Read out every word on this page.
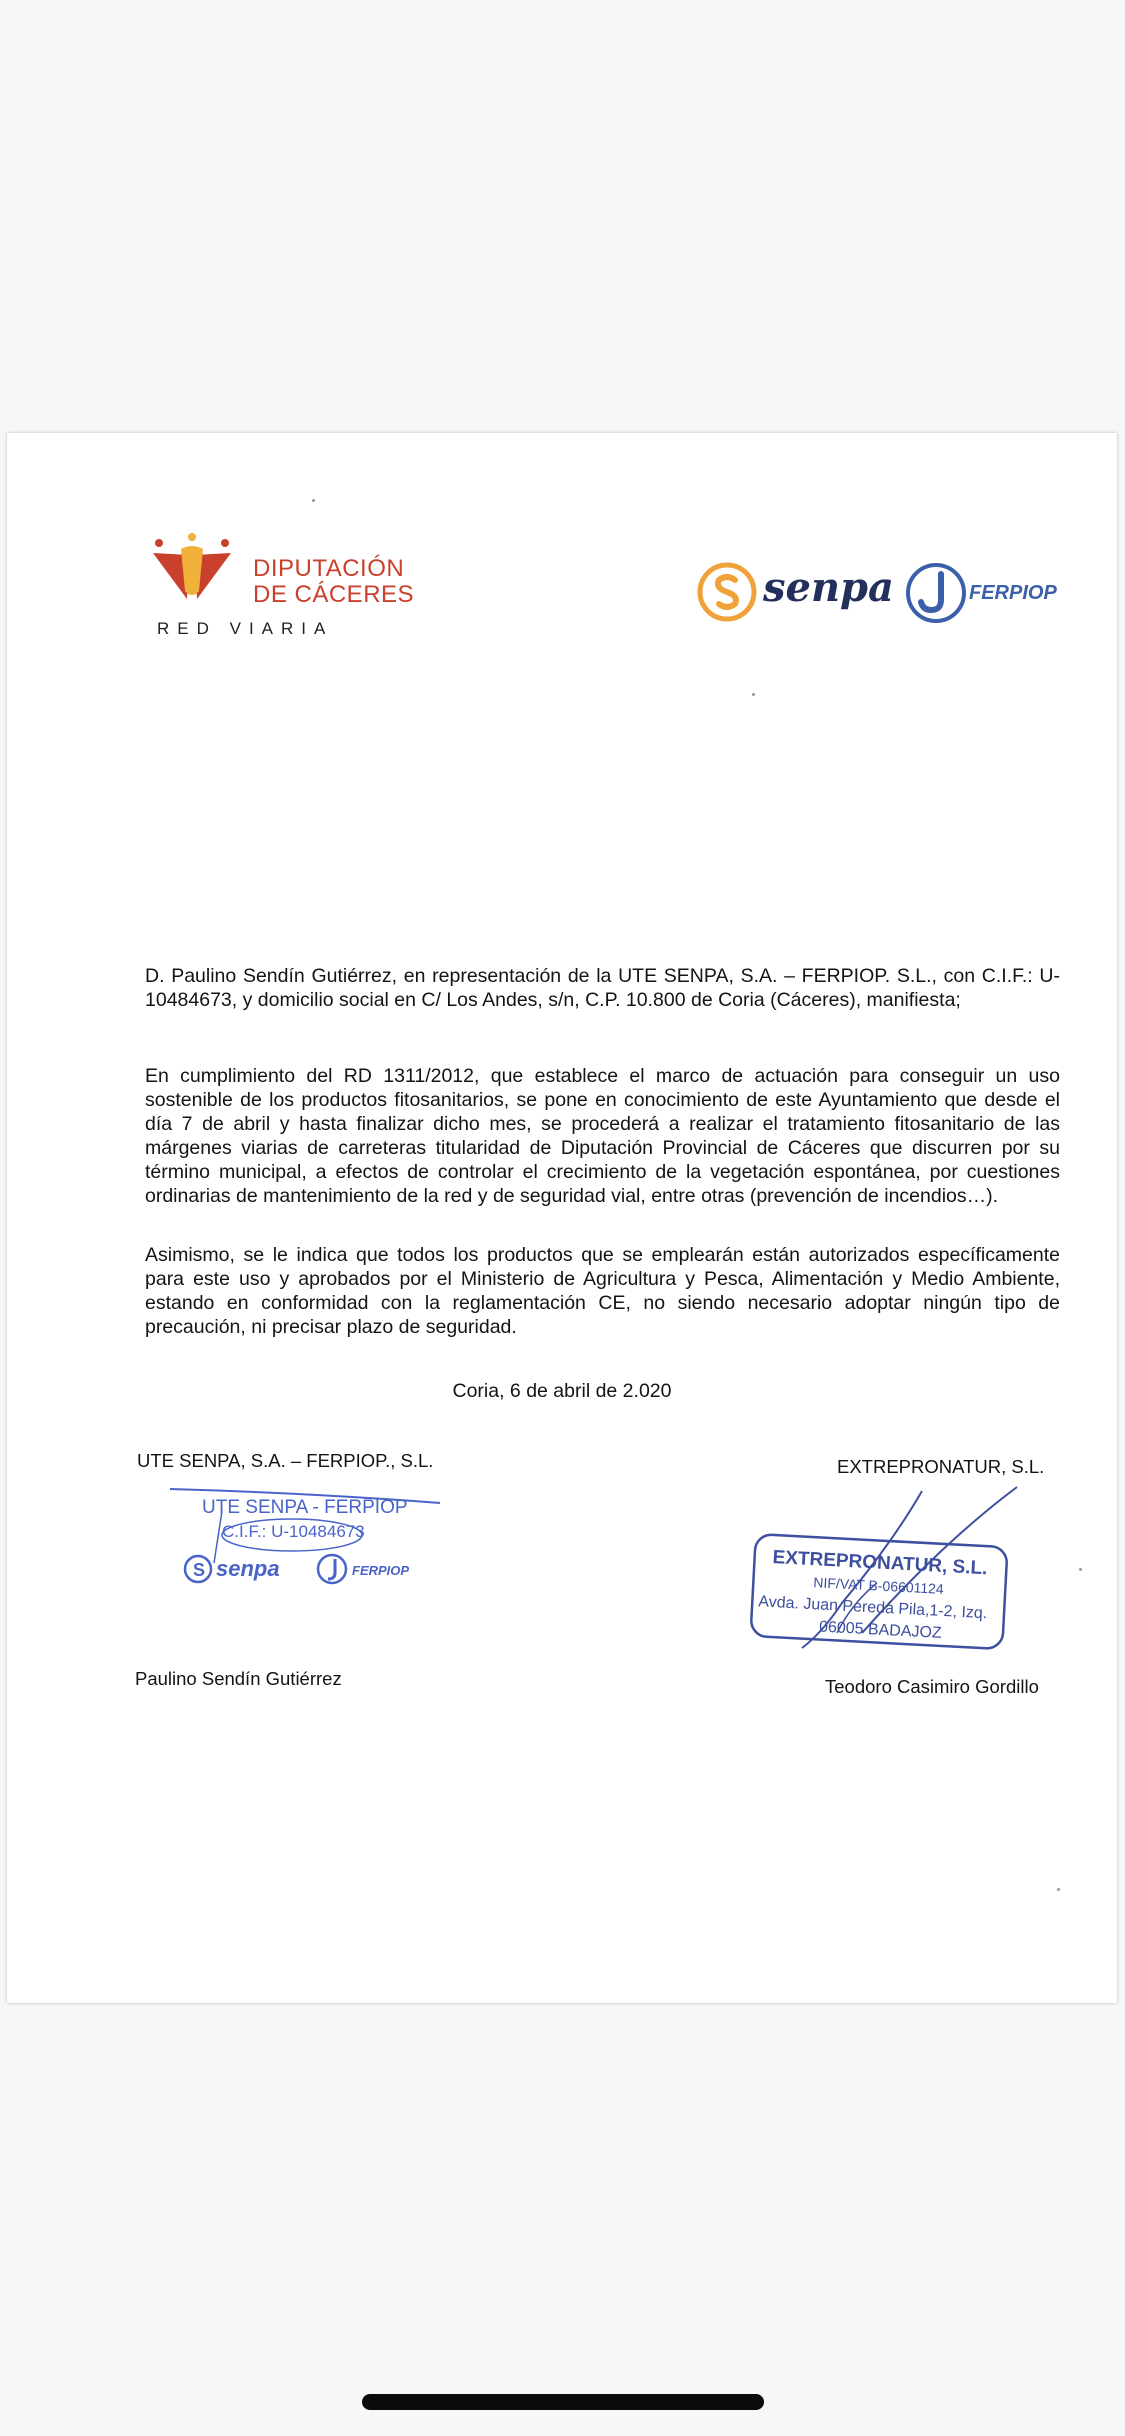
DIPUTACIÓN
DE CÁCERES
RED VIARIA
senpa	FERPIOP

D. Paulino Sendín Gutiérrez, en representación de la UTE SENPA, S.A. – FERPIOP. S.L., con C.I.F.: U-10484673, y domicilio social en C/ Los Andes, s/n, C.P. 10.800 de Coria (Cáceres), manifiesta;

En cumplimiento del RD 1311/2012, que establece el marco de actuación para conseguir un uso sostenible de los productos fitosanitarios, se pone en conocimiento de este Ayuntamiento que desde el día 7 de abril y hasta finalizar dicho mes, se procederá a realizar el tratamiento fitosanitario de las márgenes viarias de carreteras titularidad de Diputación Provincial de Cáceres que discurren por su término municipal, a efectos de controlar el crecimiento de la vegetación espontánea, por cuestiones ordinarias de mantenimiento de la red y de seguridad vial, entre otras (prevención de incendios…).

Asimismo, se le indica que todos los productos que se emplearán están autorizados específicamente para este uso y aprobados por el Ministerio de Agricultura y Pesca, Alimentación y Medio Ambiente, estando en conformidad con la reglamentación CE, no siendo necesario adoptar ningún tipo de precaución, ni precisar plazo de seguridad.

Coria, 6 de abril de 2.020
UTE SENPA, S.A. – FERPIOP., S.L.
UTE SENPA - FERPIOP
C.I.F.: U-10484673
S senpa	FERPIOP
Paulino Sendín Gutiérrez
EXTREPRONATUR, S.L.
EXTREPRONATUR, S.L.
NIF/VAT B-06601124
Avda. Juan Pereda Pila,1-2, Izq.
06005 BADAJOZ
Teodoro Casimiro Gordillo
